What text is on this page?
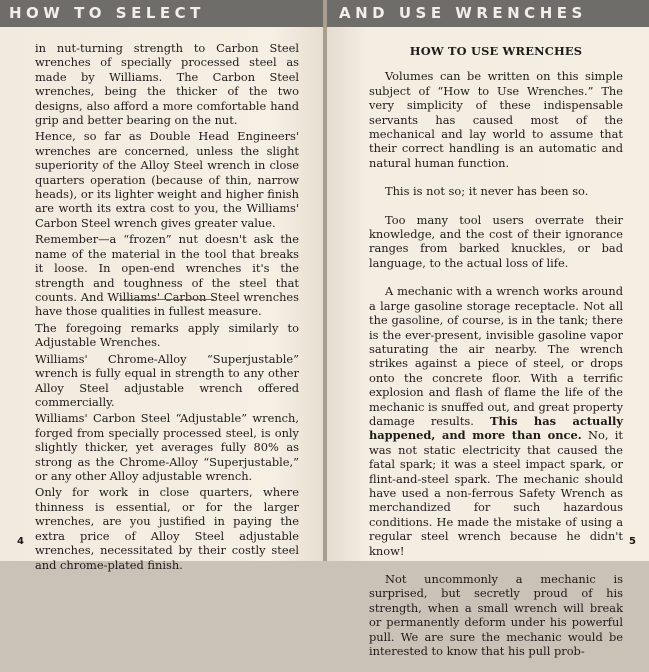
HOW TO SELECT	AND USE WRENCHES

in nut-turning strength to Carbon Steel wrenches of specially processed steel as made by Williams. The Carbon Steel wrenches, being the thicker of the two designs, also afford a more comfortable hand grip and better bearing on the nut.

Hence, so far as Double Head Engineers' wrenches are concerned, unless the slight superiority of the Alloy Steel wrench in close quarters operation (because of thin, narrow heads), or its lighter weight and higher finish are worth its extra cost to you, the Williams' Carbon Steel wrench gives greater value.

Remember—a “frozen” nut doesn't ask the name of the material in the tool that breaks it loose. In open-end wrenches it's the strength and toughness of the steel that counts. And Williams' Carbon Steel wrenches have those qualities in fullest measure.

The foregoing remarks apply similarly to Adjustable Wrenches.

Williams' Chrome-Alloy “Superjustable” wrench is fully equal in strength to any other Alloy Steel adjustable wrench offered commercially.

Williams' Carbon Steel “Adjustable” wrench, forged from specially processed steel, is only slightly thicker, yet averages fully 80% as strong as the Chrome-Alloy “Superjustable,” or any other Alloy adjustable wrench.

Only for work in close quarters, where thinness is essential, or for the larger wrenches, are you justified in paying the extra price of Alloy Steel adjustable wrenches, necessitated by their costly steel and chrome-plated finish.

HOW TO USE WRENCHES

Volumes can be written on this simple subject of “How to Use Wrenches.” The very simplicity of these indispensable servants has caused most of the mechanical and lay world to assume that their correct handling is an automatic and natural human function.

This is not so; it never has been so.

Too many tool users overrate their knowledge, and the cost of their ignorance ranges from barked knuckles, or bad language, to the actual loss of life.

A mechanic with a wrench works around a large gasoline storage receptacle. Not all the gasoline, of course, is in the tank; there is the ever-present, invisible gasoline vapor saturating the air nearby. The wrench strikes against a piece of steel, or drops onto the concrete floor. With a terrific explosion and flash of flame the life of the mechanic is snuffed out, and great property damage results. This has actually happened, and more than once. No, it was not static electricity that caused the fatal spark; it was a steel impact spark, or flint-and-steel spark. The mechanic should have used a non-ferrous Safety Wrench as merchandized for such hazardous conditions. He made the mistake of using a regular steel wrench because he didn't know!

Not uncommonly a mechanic is surprised, but secretly proud of his strength, when a small wrench will break or permanently deform under his powerful pull. We are sure the mechanic would be interested to know that his pull prob-

4	5
